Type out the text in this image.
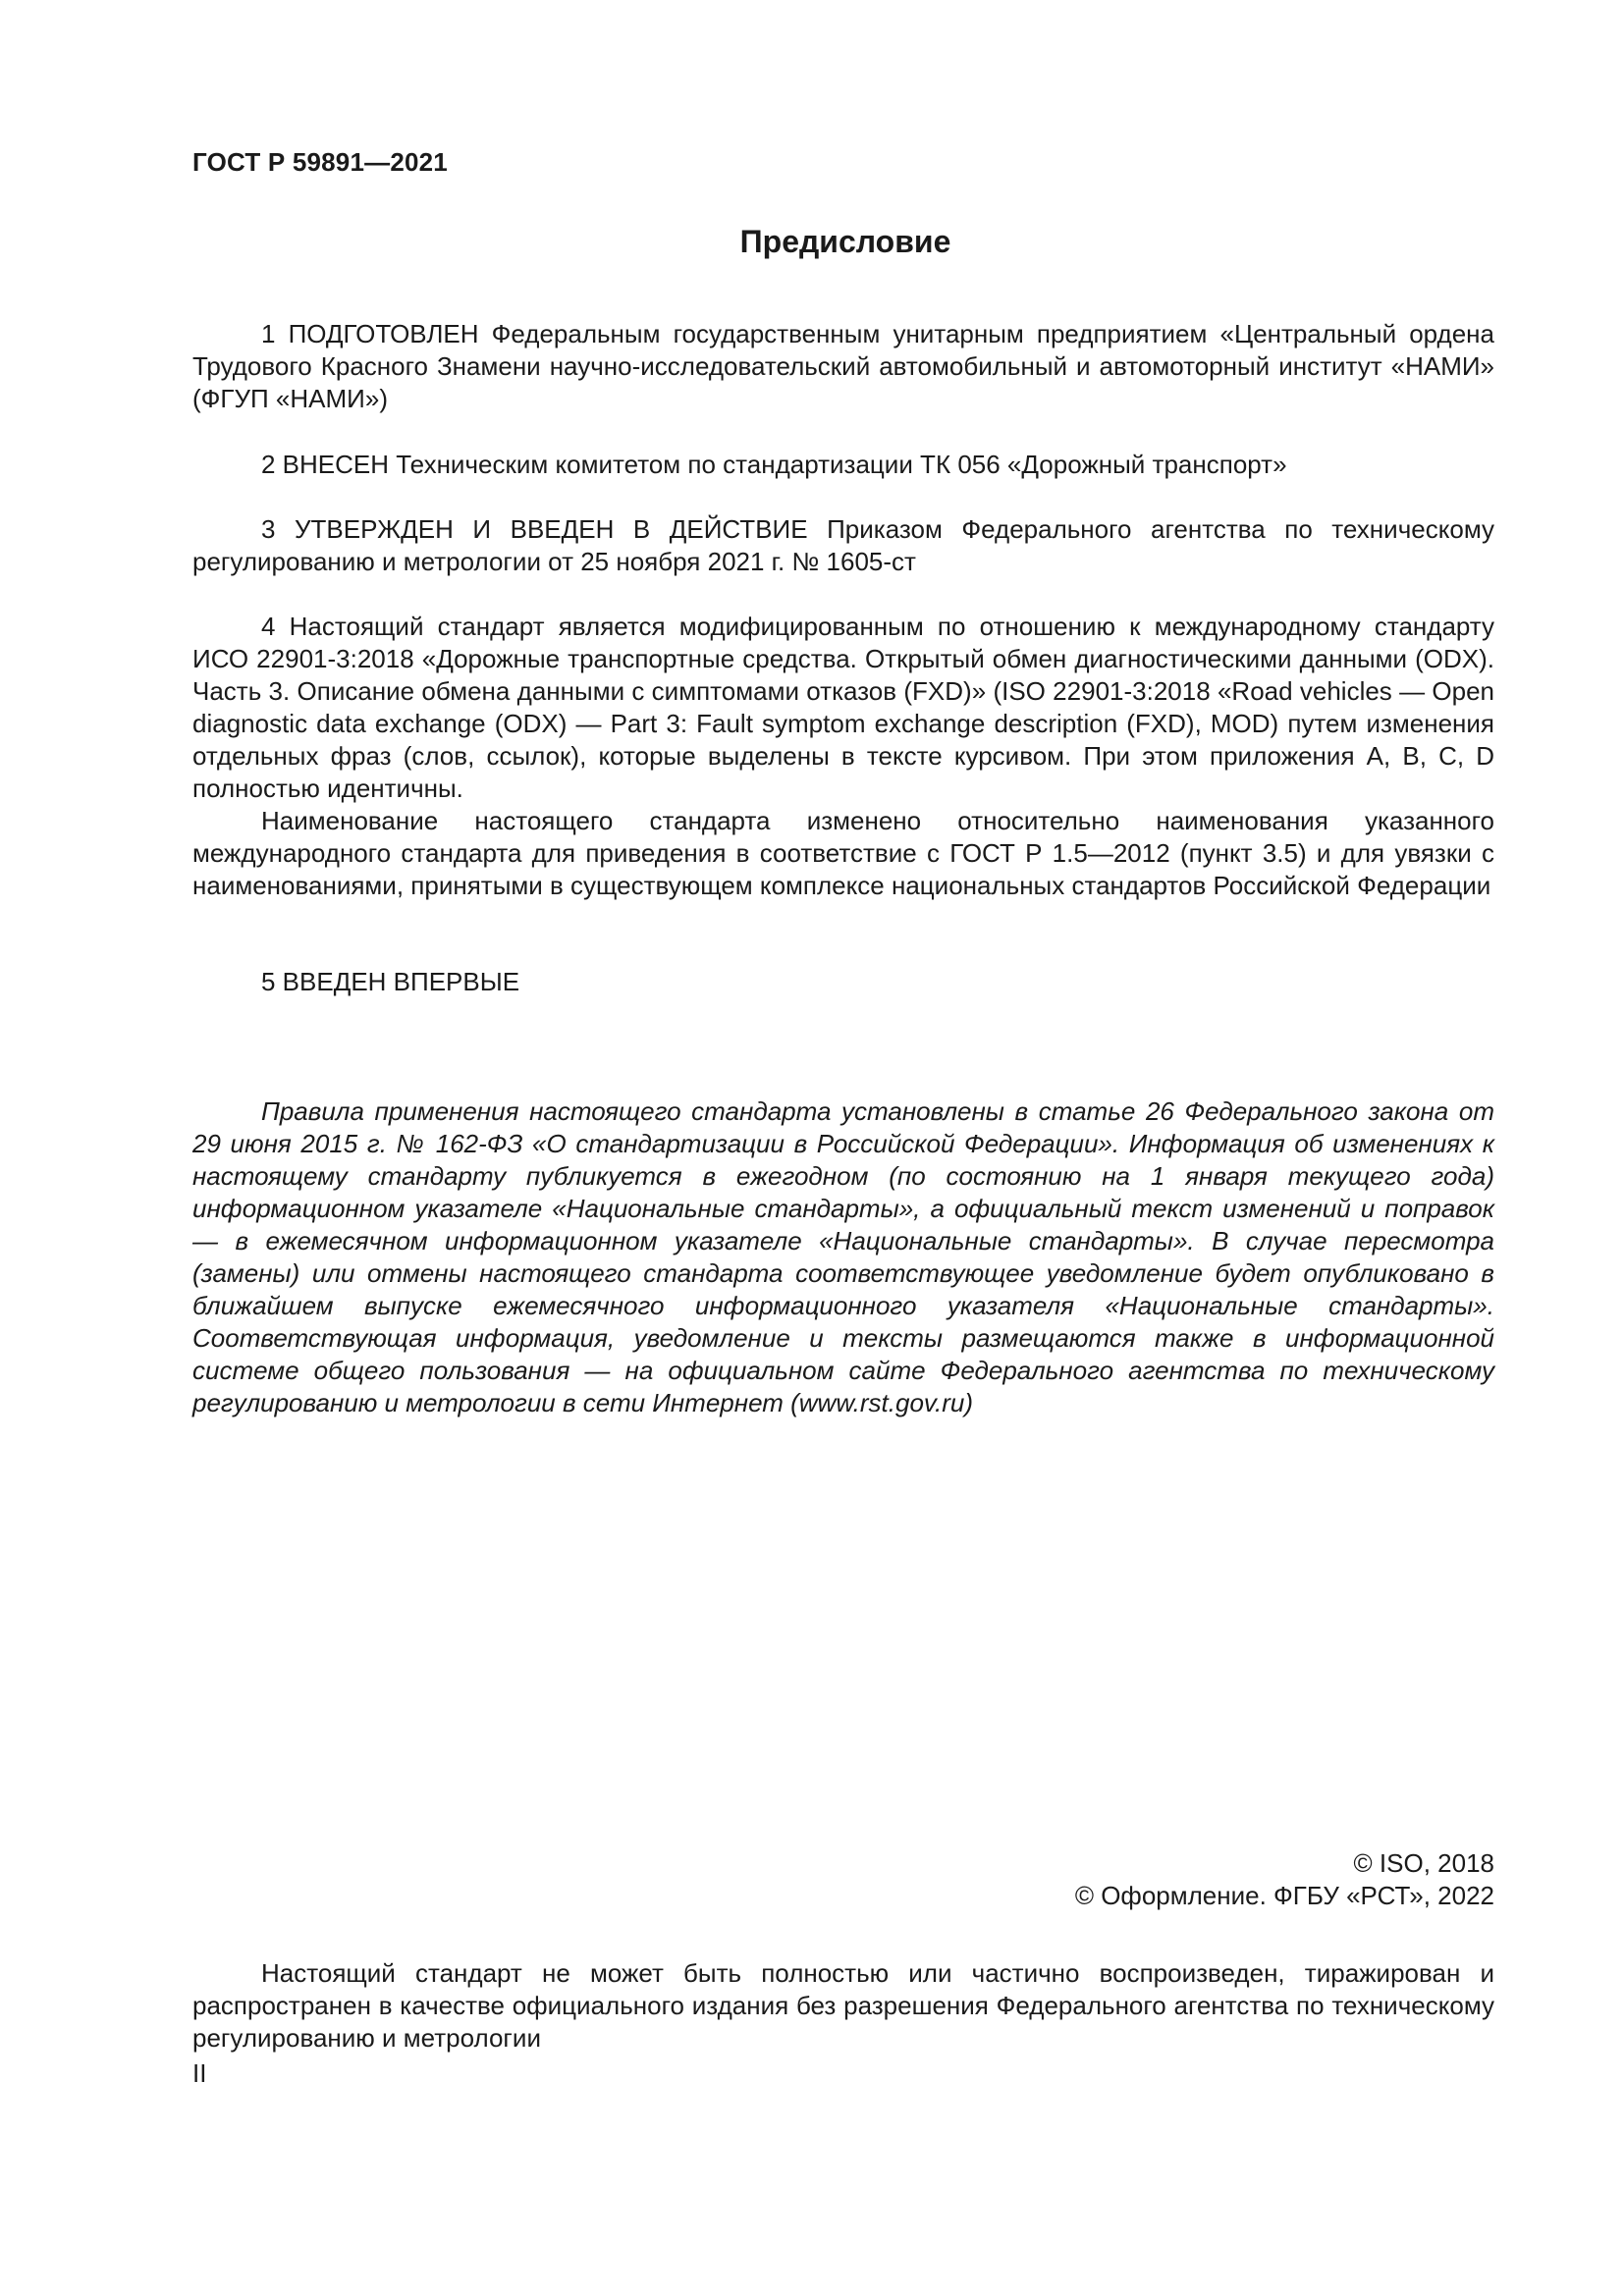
ГОСТ Р 59891—2021
Предисловие

1 ПОДГОТОВЛЕН Федеральным государственным унитарным предприятием «Центральный ордена Трудового Красного Знамени научно-исследовательский автомобильный и автомоторный институт «НАМИ» (ФГУП «НАМИ»)

2 ВНЕСЕН Техническим комитетом по стандартизации ТК 056 «Дорожный транспорт»

3 УТВЕРЖДЕН И ВВЕДЕН В ДЕЙСТВИЕ Приказом Федерального агентства по техническому регулированию и метрологии от 25 ноября 2021 г. № 1605-ст

4 Настоящий стандарт является модифицированным по отношению к международному стандарту ИСО 22901-3:2018 «Дорожные транспортные средства. Открытый обмен диагностическими данными (ODX). Часть 3. Описание обмена данными с симптомами отказов (FXD)» (ISO 22901-3:2018 «Road vehicles — Open diagnostic data exchange (ODX) — Part 3: Fault symptom exchange description (FXD), MOD) путем изменения отдельных фраз (слов, ссылок), которые выделены в тексте курсивом. При этом приложения А, В, С, D полностью идентичны.

Наименование настоящего стандарта изменено относительно наименования указанного международного стандарта для приведения в соответствие с ГОСТ Р 1.5—2012 (пункт 3.5) и для увязки с наименованиями, принятыми в существующем комплексе национальных стандартов Российской Федерации

5 ВВЕДЕН ВПЕРВЫЕ

Правила применения настоящего стандарта установлены в статье 26 Федерального закона от 29 июня 2015 г. № 162-ФЗ «О стандартизации в Российской Федерации». Информация об изменениях к настоящему стандарту публикуется в ежегодном (по состоянию на 1 января текущего года) информационном указателе «Национальные стандарты», а официальный текст изменений и поправок — в ежемесячном информационном указателе «Национальные стандарты». В случае пересмотра (замены) или отмены настоящего стандарта соответствующее уведомление будет опубликовано в ближайшем выпуске ежемесячного информационного указателя «Национальные стандарты». Соответствующая информация, уведомление и тексты размещаются также в информационной системе общего пользования — на официальном сайте Федерального агентства по техническому регулированию и метрологии в сети Интернет (www.rst.gov.ru)

© ISO, 2018
© Оформление. ФГБУ «РСТ», 2022

Настоящий стандарт не может быть полностью или частично воспроизведен, тиражирован и распространен в качестве официального издания без разрешения Федерального агентства по техническому регулированию и метрологии

II
